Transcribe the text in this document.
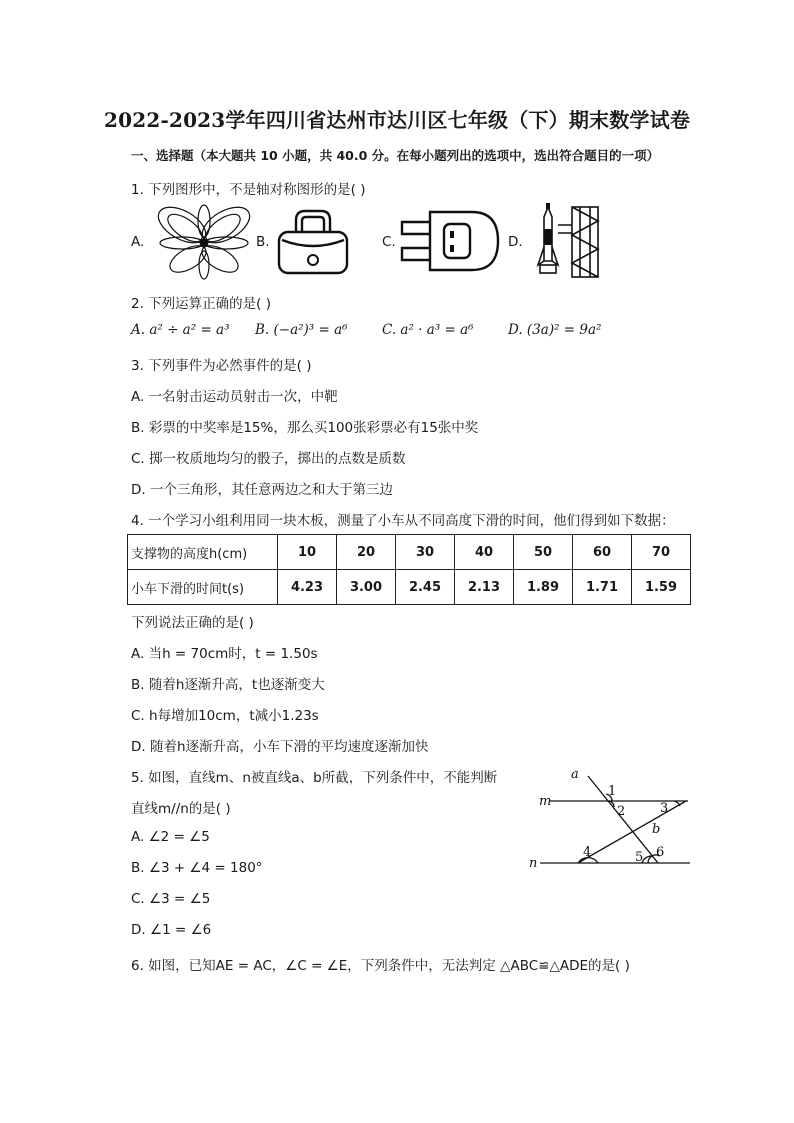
2022-2023学年四川省达州市达川区七年级（下）期末数学试卷
一、选择题（本大题共 10 小题，共 40.0 分。在每小题列出的选项中，选出符合题目的一项）
1. 下列图形中，不是轴对称图形的是( )
A.	B.	C.	D.
2. 下列运算正确的是( )
A. a² ÷ a² = a³ B. (−a²)³ = a⁶	C. a² · a³ = a⁶	D. (3a)² = 9a²
3. 下列事件为必然事件的是( )
A. 一名射击运动员射击一次，中靶
B. 彩票的中奖率是15%，那么买100张彩票必有15张中奖
C. 掷一枚质地均匀的骰子，掷出的点数是质数
D. 一个三角形，其任意两边之和大于第三边
4. 一个学习小组利用同一块木板，测量了小车从不同高度下滑的时间，他们得到如下数据：
支撑物的高度h(cm)	10	20	30	40	50	60	70
小车下滑的时间t(s)	4.23	3.00	2.45	2.13	1.89	1.71	1.59
下列说法正确的是( )
A. 当h = 70cm时，t = 1.50s
B. 随着h逐渐升高，t也逐渐变大
C. h每增加10cm，t减小1.23s
D. 随着h逐渐升高，小车下滑的平均速度逐渐加快
5. 如图，直线m、n被直线a、b所截，下列条件中，不能判断
直线m//n的是( )
A. ∠2 = ∠5
B. ∠3 + ∠4 = 180°
C. ∠3 = ∠5
D. ∠1 = ∠6
a
m
n
b
1
2	3
4	5 6
6. 如图，已知AE = AC，∠C = ∠E，下列条件中，无法判定 △ABC≌△ADE的是( )
